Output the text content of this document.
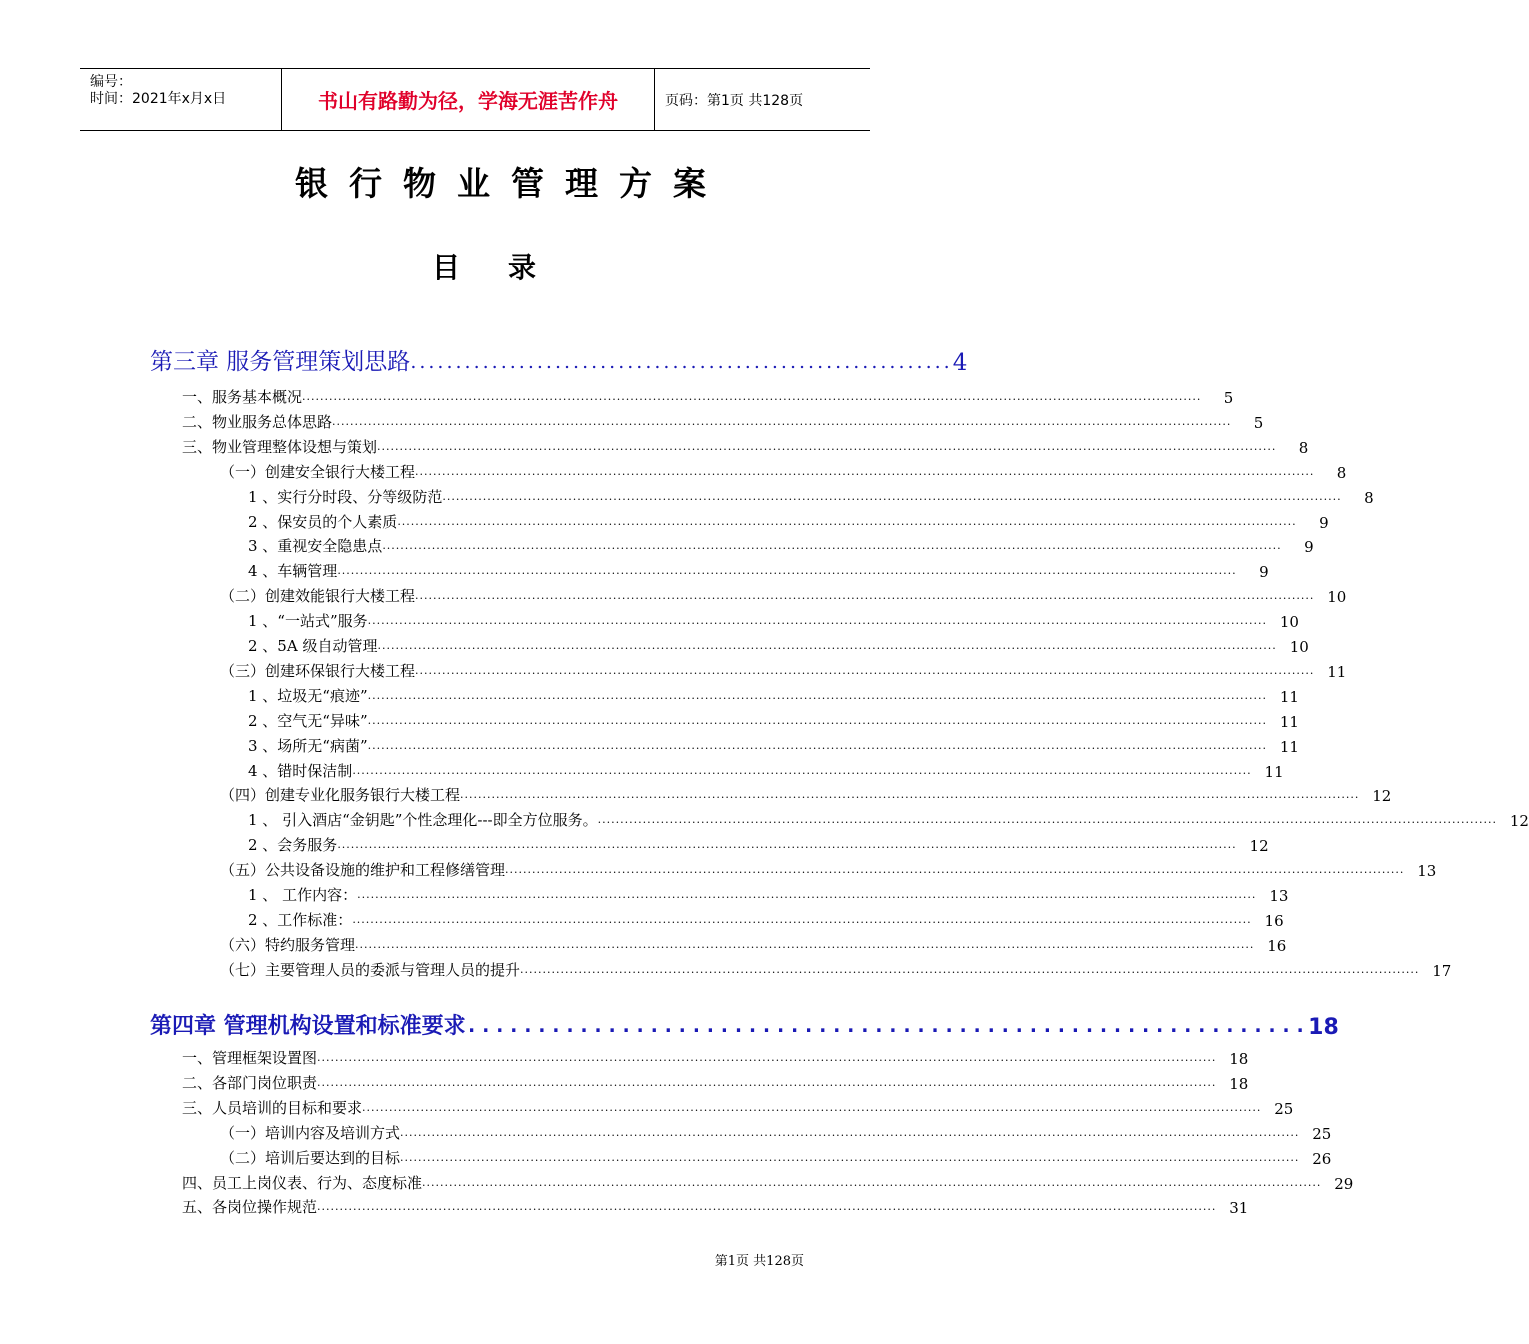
编号：
时间：2021年x月x日	书山有路勤为径，学海无涯苦作舟	页码：第1页 共128页
银行物业管理方案
目录
第三章 服务管理策划思路 ............................................................ 4
一、服务基本概况 ........................................................................................................................................................................................................	5
二、物业服务总体思路 ........................................................................................................................................................................................................	5
三、物业管理整体设想与策划 ........................................................................................................................................................................................................	8
（一）创建安全银行大楼工程 ........................................................................................................................................................................................................	8
1 、实行分时段、分等级防范 ........................................................................................................................................................................................................	8
2 、保安员的个人素质 ........................................................................................................................................................................................................	9
3 、重视安全隐患点 ........................................................................................................................................................................................................	9
4 、车辆管理 ........................................................................................................................................................................................................	9
（二）创建效能银行大楼工程 ........................................................................................................................................................................................................ 10
1 、“一站式”服务 ........................................................................................................................................................................................................ 10
2 、5A 级自动管理 ........................................................................................................................................................................................................ 10
（三）创建环保银行大楼工程 ........................................................................................................................................................................................................ 11
1 、垃圾无“痕迹” ........................................................................................................................................................................................................ 11
2 、空气无“异味” ........................................................................................................................................................................................................ 11
3 、场所无“病菌” ........................................................................................................................................................................................................ 11
4 、错时保洁制 ........................................................................................................................................................................................................ 11
（四）创建专业化服务银行大楼工程 ........................................................................................................................................................................................................ 12
1 、 引入酒店“金钥匙”个性念理化---即全方位服务。 ........................................................................................................................................................................................................ 12
2 、会务服务 ........................................................................................................................................................................................................ 12
（五）公共设备设施的维护和工程修缮管理 ........................................................................................................................................................................................................ 13
1 、 工作内容： ........................................................................................................................................................................................................ 13
2 、工作标准： ........................................................................................................................................................................................................ 16
（六）特约服务管理 ........................................................................................................................................................................................................ 16
（七）主要管理人员的委派与管理人员的提升 ........................................................................................................................................................................................................ 17
第四章 管理机构设置和标准要求 ............................................................ 18
一、管理框架设置图 ........................................................................................................................................................................................................ 18
二、各部门岗位职责 ........................................................................................................................................................................................................ 18
三、人员培训的目标和要求 ........................................................................................................................................................................................................ 25
（一）培训内容及培训方式 ........................................................................................................................................................................................................ 25
（二）培训后要达到的目标 ........................................................................................................................................................................................................ 26
四、员工上岗仪表、行为、态度标准 ........................................................................................................................................................................................................ 29
五、各岗位操作规范 ........................................................................................................................................................................................................ 31
第1页 共128页
